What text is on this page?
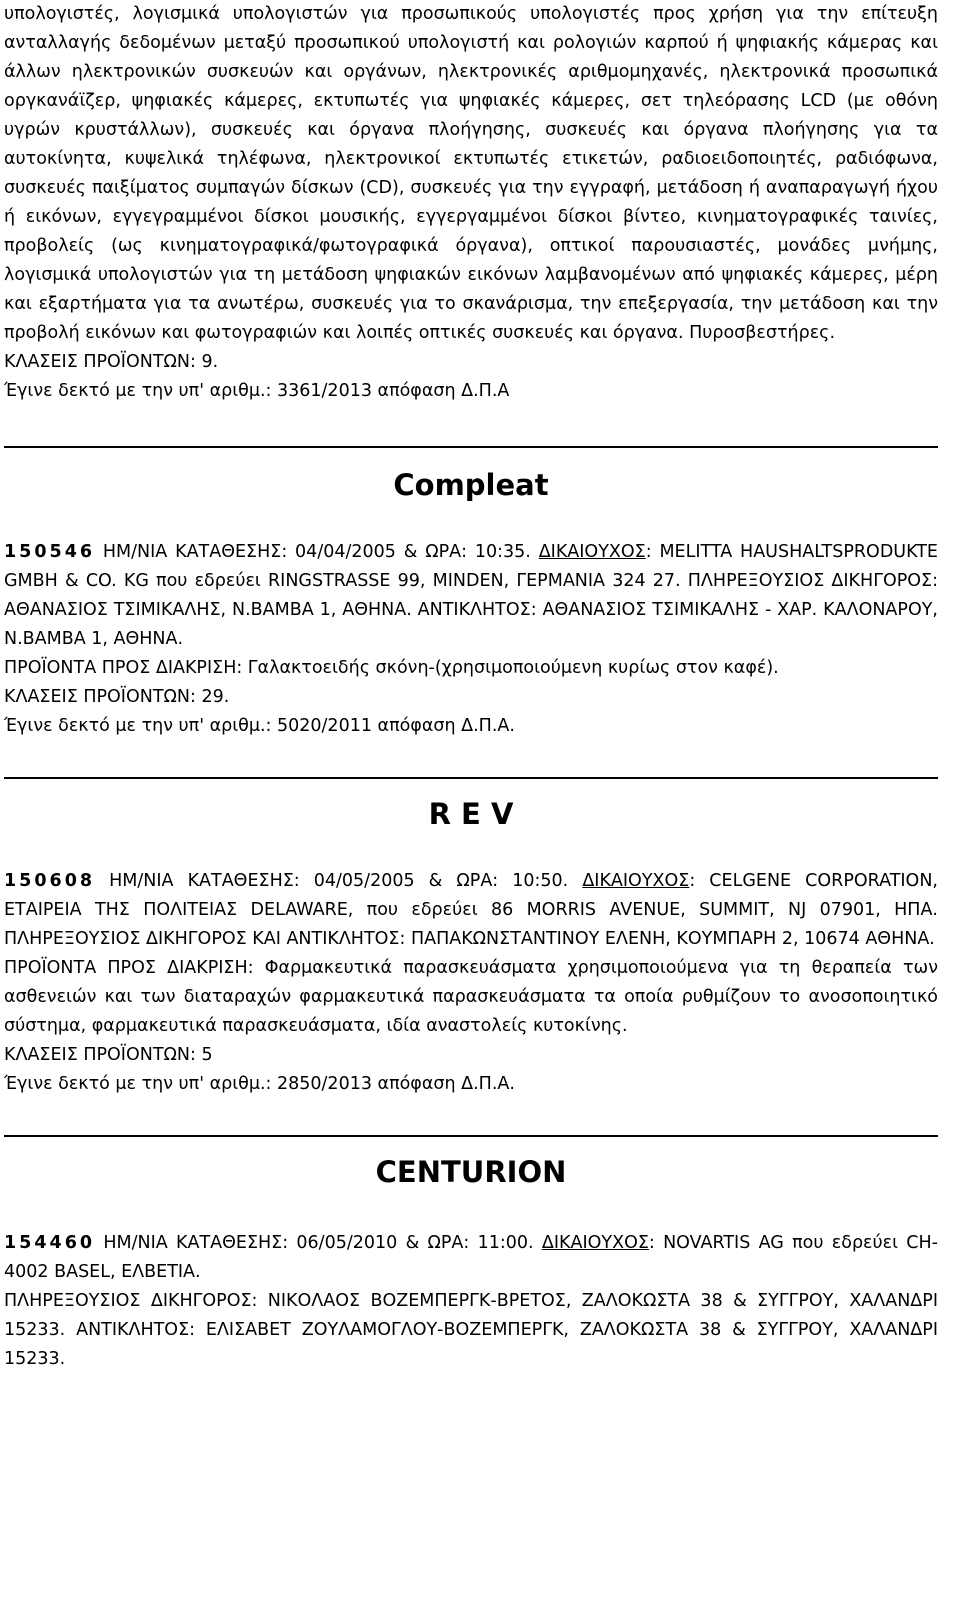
υπολογιστές, λογισμικά υπολογιστών για προσωπικούς υπολογιστές προς χρήση για την επίτευξη ανταλλαγής δεδομένων μεταξύ προσωπικού υπολογιστή και ρολογιών καρπού ή ψηφιακής κάμερας και άλλων ηλεκτρονικών συσκευών και οργάνων, ηλεκτρονικές αριθμομηχανές, ηλεκτρονικά προσωπικά οργκανάϊζερ, ψηφιακές κάμερες, εκτυπωτές για ψηφιακές κάμερες, σετ τηλεόρασης LCD (με οθόνη υγρών κρυστάλλων), συσκευές και όργανα πλοήγησης, συσκευές και όργανα πλοήγησης για τα αυτοκίνητα, κυψελικά τηλέφωνα, ηλεκτρονικοί εκτυπωτές ετικετών, ραδιοειδοποιητές, ραδιόφωνα, συσκευές παιξίματος συμπαγών δίσκων (CD), συσκευές για την εγγραφή, μετάδοση ή αναπαραγωγή ήχου ή εικόνων, εγγεγραμμένοι δίσκοι μουσικής, εγγεργαμμένοι δίσκοι βίντεο, κινηματογραφικές ταινίες, προβολείς (ως κινηματογραφικά/φωτογραφικά όργανα), οπτικοί παρουσιαστές, μονάδες μνήμης, λογισμικά υπολογιστών για τη μετάδοση ψηφιακών εικόνων λαμβανομένων από ψηφιακές κάμερες, μέρη και εξαρτήματα για τα ανωτέρω, συσκευές για το σκανάρισμα, την επεξεργασία, την μετάδοση και την προβολή εικόνων και φωτογραφιών και λοιπές οπτικές συσκευές και όργανα. Πυροσβεστήρες.

ΚΛΑΣΕΙΣ ΠΡΟΪΟΝΤΩΝ: 9.

Έγινε δεκτό με την υπ' αριθμ.: 3361/2013 απόφαση Δ.Π.Α

Compleat

150546 ΗΜ/ΝΙΑ ΚΑΤΑΘΕΣΗΣ: 04/04/2005 & ΩΡΑ: 10:35. ΔΙΚΑΙΟΥΧΟΣ: MELITTA HAUSHALTSPRODUKTE GMBH & CO. KG που εδρεύει RINGSTRASSE 99, MINDEN, ΓΕΡΜΑΝΙΑ 324 27. ΠΛΗΡΕΞΟΥΣΙΟΣ ΔΙΚΗΓΟΡΟΣ: ΑΘΑΝΑΣΙΟΣ ΤΣΙΜΙΚΑΛΗΣ, Ν.ΒΑΜΒΑ 1, ΑΘΗΝΑ. ΑΝΤΙΚΛΗΤΟΣ: ΑΘΑΝΑΣΙΟΣ ΤΣΙΜΙΚΑΛΗΣ - ΧΑΡ. ΚΑΛΟΝΑΡΟΥ, Ν.ΒΑΜΒΑ 1, ΑΘΗΝΑ.

ΠΡΟΪΟΝΤΑ ΠΡΟΣ ΔΙΑΚΡΙΣΗ: Γαλακτοειδής σκόνη-(χρησιμοποιούμενη κυρίως στον καφέ).

ΚΛΑΣΕΙΣ ΠΡΟΪΟΝΤΩΝ: 29.

Έγινε δεκτό με την υπ' αριθμ.: 5020/2011 απόφαση Δ.Π.Α.

R E V

150608 ΗΜ/ΝΙΑ ΚΑΤΑΘΕΣΗΣ: 04/05/2005 & ΩΡΑ: 10:50. ΔΙΚΑΙΟΥΧΟΣ: CELGENE CORPORATION, ΕΤΑΙΡΕΙΑ ΤΗΣ ΠΟΛΙΤΕΙΑΣ DELAWARE, που εδρεύει 86 MORRIS AVENUE, SUMMIT, NJ 07901, ΗΠΑ. ΠΛΗΡΕΞΟΥΣΙΟΣ ΔΙΚΗΓΟΡΟΣ ΚΑΙ ΑΝΤΙΚΛΗΤΟΣ: ΠΑΠΑΚΩΝΣΤΑΝΤΙΝΟΥ ΕΛΕΝΗ, ΚΟΥΜΠΑΡΗ 2, 10674 ΑΘΗΝΑ.

ΠΡΟΪΟΝΤΑ ΠΡΟΣ ΔΙΑΚΡΙΣΗ: Φαρμακευτικά παρασκευάσματα χρησιμοποιούμενα για τη θεραπεία των ασθενειών και των διαταραχών φαρμακευτικά παρασκευάσματα τα οποία ρυθμίζουν το ανοσοποιητικό σύστημα, φαρμακευτικά παρασκευάσματα, ιδία αναστολείς κυτοκίνης.

ΚΛΑΣΕΙΣ ΠΡΟΪΟΝΤΩΝ: 5

Έγινε δεκτό με την υπ' αριθμ.: 2850/2013 απόφαση Δ.Π.Α.

CENTURION

154460 ΗΜ/ΝΙΑ ΚΑΤΑΘΕΣΗΣ: 06/05/2010 & ΩΡΑ: 11:00. ΔΙΚΑΙΟΥΧΟΣ: NOVARTIS AG που εδρεύει CH-4002 BASEL, ΕΛΒΕΤΙΑ.

ΠΛΗΡΕΞΟΥΣΙΟΣ ΔΙΚΗΓΟΡΟΣ: ΝΙΚΟΛΑΟΣ ΒΟΖΕΜΠΕΡΓΚ-ΒΡΕΤΟΣ, ΖΑΛΟΚΩΣΤΑ 38 & ΣΥΓΓΡΟΥ, ΧΑΛΑΝΔΡΙ 15233. ΑΝΤΙΚΛΗΤΟΣ: ΕΛΙΣΑΒΕΤ ΖΟΥΛΑΜΟΓΛΟΥ-ΒΟΖΕΜΠΕΡΓΚ, ΖΑΛΟΚΩΣΤΑ 38 & ΣΥΓΓΡΟΥ, ΧΑΛΑΝΔΡΙ 15233.
